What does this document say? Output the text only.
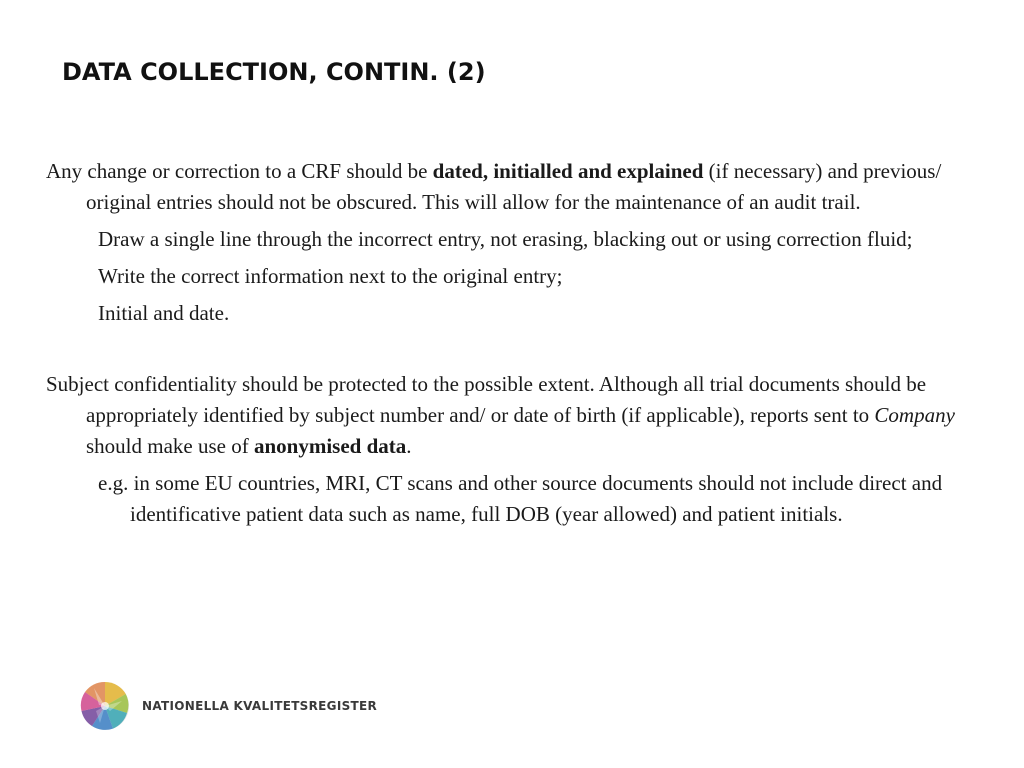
DATA COLLECTION, CONTIN. (2)

Any change or correction to a CRF should be dated, initialled and explained (if necessary) and previous/ original entries should not be obscured. This will allow for the maintenance of an audit trail.

Draw a single line through the incorrect entry, not erasing, blacking out or using correction fluid;

Write the correct information next to the original entry;

Initial and date.

Subject confidentiality should be protected to the possible extent. Although all trial documents should be appropriately identified by subject number and/ or date of birth (if applicable), reports sent to Company should make use of anonymised data.

e.g. in some EU countries, MRI, CT scans and other source documents should not include direct and identificative patient data such as name, full DOB (year allowed) and patient initials.

NATIONELLA KVALITETSREGISTER
